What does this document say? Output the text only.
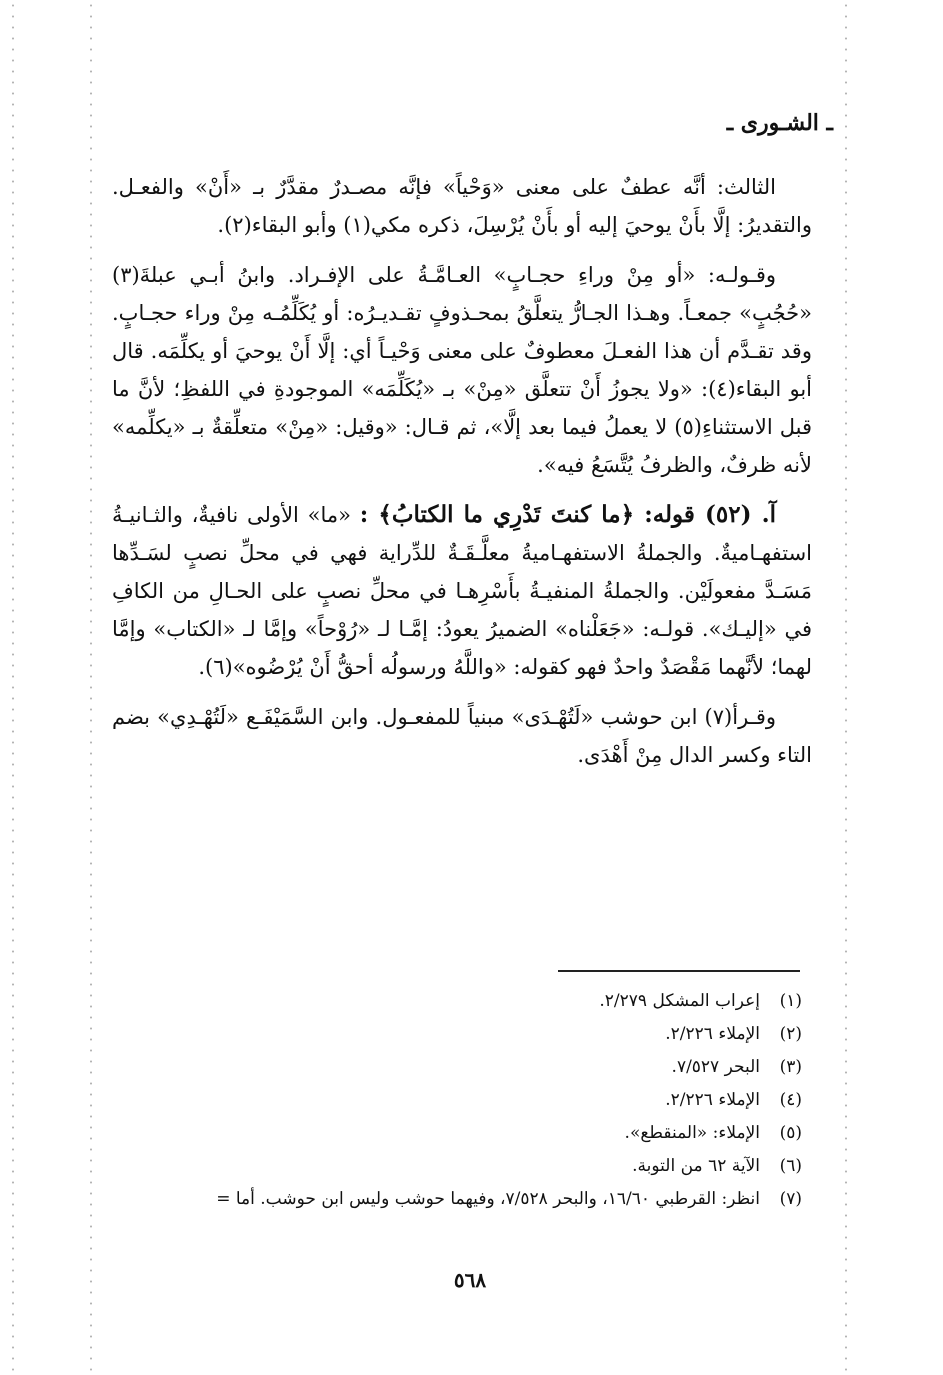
ـ الشـورى ـ

الثالث: أنَّه عطفٌ على معنى «وَحْياً» فإنَّه مصـدرٌ مقدَّرٌ بـ «أَنْ» والفعـل. والتقديرُ: إلَّا بأَنْ يوحيَ إليه أو بأَنْ يُرْسِلَ، ذكره مكي(١) وأبو البقاء(٢).

وقـولـه: «أو مِنْ وراءِ حجـابٍ» العـامَّـةُ على الإفـراد. وابنُ أبـي عبلةَ(٣) «حُجُبٍ» جمعـاً. وهـذا الجـارُّ يتعلَّقُ بمحـذوفٍ تقـديـرُه: أو يُكَلِّمُـه مِنْ وراء حجـابٍ. وقد تقـدَّم أن هذا الفعـلَ معطوفٌ على معنى وَحْيـاً أي: إلَّا أَنْ يوحيَ أو يكلِّمَه. قال أبو البقاء(٤): «ولا يجوزُ أَنْ تتعلَّق «مِنْ» بـ «يُكَلِّمَه» الموجودةِ في اللفظِ؛ لأنَّ ما قبل الاستثناءِ(٥) لا يعملُ فيما بعد إلَّا»، ثم قـال: «وقيل: «مِنْ» متعلِّقةٌ بـ «يكلِّمه» لأنه ظرفٌ، والظرفُ يُتَّسَعُ فيه».

آ. (٥٢) قوله: ﴿ما كنتَ تَدْرِي ما الكتابُ﴾ : «ما» الأولى نافيةٌ، والثـانيـةُ استفهـاميةٌ. والجملةُ الاستفهـاميةُ معلَّـقَـةٌ للدِّراية فهي في محلِّ نصبٍ لسَـدِّها مَسَـدَّ مفعولَيْن. والجملةُ المنفيـةُ بأَسْرِهـا في محلِّ نصبٍ على الحـالِ من الكافِ في «إليـك». قولـه: «جَعَلْناه» الضميرُ يعودُ: إمَّـا لـ «رُوْحاً» وإمَّا لـ «الكتاب» وإمَّا لهما؛ لأنَّهما مَقْصَدٌ واحدٌ فهو كقوله: «واللَّهُ ورسولُه أحقُّ أَنْ يُرْضُوه»(٦).

وقـرأ(٧) ابن حوشب «لَتُهْـدَى» مبنياً للمفعـول. وابن السَّمَيْفَـع «لَتُهْـدِي» بضم التاء وكسر الدال مِنْ أَهْدَى.

(١)
إعراب المشكل ٢/٢٧٩.
(٢)
الإملاء ٢/٢٢٦.
(٣)
البحر ٧/٥٢٧.
(٤)
الإملاء ٢/٢٢٦.
(٥)
الإملاء: «المنقطع».
(٦)
الآية ٦٢ من التوبة.
(٧)
انظر: القرطبي ١٦/٦٠، والبحر ٧/٥٢٨، وفيهما حوشب وليس ابن حوشب. أما =
٥٦٨
